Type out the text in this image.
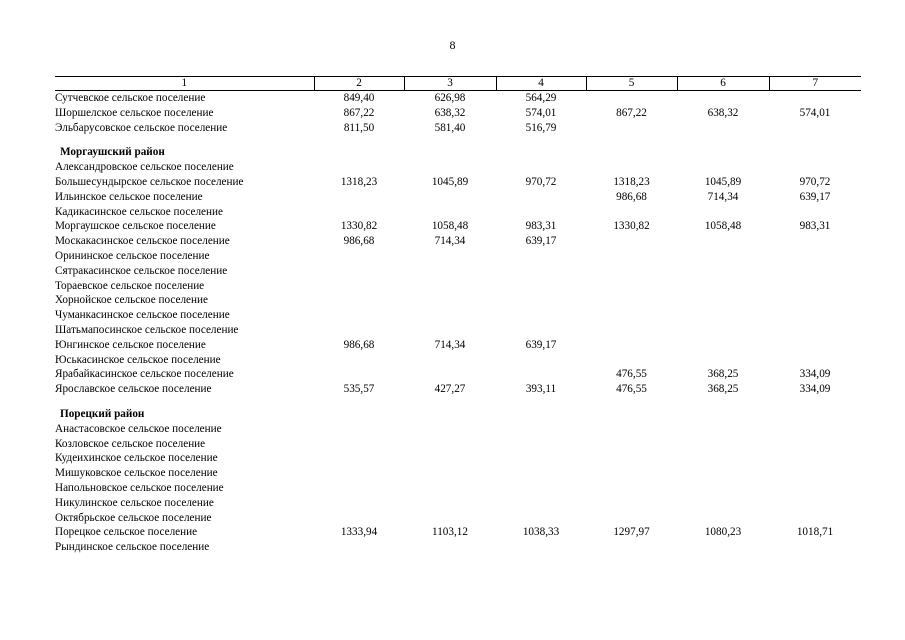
8
1	2	3	4	5	6	7
Сутчевское сельское поселение	849,40	626,98	564,29			
Шоршелское сельское поселение	867,22	638,32	574,01	867,22	638,32	574,01
Эльбарусовское сельское поселение	811,50	581,40	516,79			
Моргаушский район						
Александровское сельское поселение						
Большесундырское сельское поселение	1318,23	1045,89	970,72	1318,23	1045,89	970,72
Ильинское сельское поселение				986,68	714,34	639,17
Кадикасинское сельское поселение						
Моргаушское сельское поселение	1330,82	1058,48	983,31	1330,82	1058,48	983,31
Москакасинское сельское поселение	986,68	714,34	639,17			
Орининское сельское поселение						
Сятракасинское сельское поселение						
Тораевское сельское поселение						
Хорнойское сельское поселение						
Чуманкасинское сельское поселение						
Шатьмапосинское сельское поселение						
Юнгинское сельское поселение	986,68	714,34	639,17			
Юськасинское сельское поселение						
Ярабайкасинское сельское поселение				476,55	368,25	334,09
Ярославское сельское поселение	535,57	427,27	393,11	476,55	368,25	334,09
Порецкий район						
Анастасовское сельское поселение						
Козловское сельское поселение						
Кудеихинское сельское поселение						
Мишуковское сельское поселение						
Напольновское сельское поселение						
Никулинское сельское поселение						
Октябрьское сельское поселение						
Порецкое сельское поселение	1333,94	1103,12	1038,33	1297,97	1080,23	1018,71
Рындинское сельское поселение						
